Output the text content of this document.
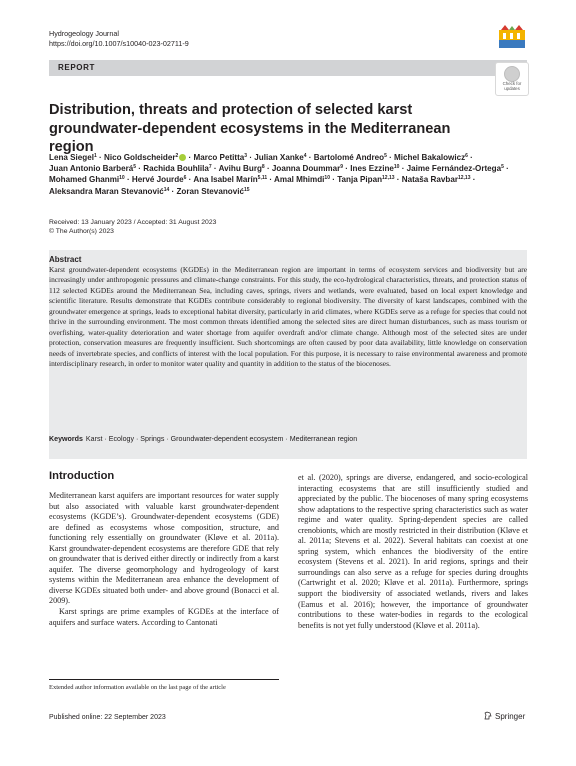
Hydrogeology Journal
https://doi.org/10.1007/s10040-023-02711-9
REPORT
Check for
updates
Distribution, threats and protection of selected karst groundwater-dependent ecosystems in the Mediterranean region
Lena Siegel$^1$ · Nico Goldscheider$^2$ · Marco Petitta$^3$ · Julian Xanke$^4$ · Bartolomé Andreo$^5$ · Michel Bakalowicz$^6$ · Juan Antonio Barberá$^5$ · Rachida Bouhlila$^7$ · Avihu Burg$^8$ · Joanna Doummar$^9$ · Ines Ezzine$^{10}$ · Jaime Fernández-Ortega$^5$ · Mohamed Ghanmi$^{10}$ · Hervé Jourde$^6$ · Ana Isabel Marín$^{5,11}$ · Amal Mhimdi$^{10}$ · Tanja Pipan$^{12,13}$ · Nataša Ravbar$^{12,13}$ · Aleksandra Maran Stevanović$^{14}$ · Zoran Stevanović$^{15}$
Received: 13 January 2023 / Accepted: 31 August 2023
© The Author(s) 2023
Abstract
Karst groundwater-dependent ecosystems (KGDEs) in the Mediterranean region are important in terms of ecosystem services and biodiversity but are increasingly under anthropogenic pressures and climate-change constraints. For this study, the eco-hydrological characteristics, threats, and protection status of 112 selected KGDEs around the Mediterranean Sea, including caves, springs, rivers and wetlands, were evaluated, based on local expert knowledge and scientific literature. Results demonstrate that KGDEs contribute considerably to regional biodiversity. The diversity of karst landscapes, combined with the groundwater emergence at springs, leads to exceptional habitat diversity, particularly in arid climates, where KGDEs serve as a refuge for species that could not thrive in the surrounding environment. The most common threats identified among the selected sites are direct human disturbances, such as mass tourism or overfishing, water-quality deterioration and water shortage from aquifer overdraft and/or climate change. Although most of the selected sites are under protection, conservation measures are frequently insufficient. Such shortcomings are often caused by poor data availability, little knowledge on conservation needs of invertebrate species, and conflicts of interest with the local population. For this purpose, it is necessary to raise environmental awareness and promote interdisciplinary research, in order to monitor water quality and quantity in addition to the status of the biocenoses.
Keywords Karst · Ecology · Springs · Groundwater-dependent ecosystem · Mediterranean region
Introduction

Mediterranean karst aquifers are important resources for water supply but also associated with valuable karst groundwater-dependent ecosystems (KGDE’s). Groundwater-dependent ecosystems (GDE) are defined as ecosystems whose composition, structure, and functioning rely essentially on groundwater (Kløve et al. 2011a). Karst groundwater-dependent ecosystems are therefore GDE that rely on groundwater that is derived either directly or indirectly from a karst aquifer. The diverse geomorphology and hydrogeology of karst systems within the Mediterranean area enhance the development of diverse KGDEs situated both under- and above ground (Bonacci et al. 2009).

Karst springs are prime examples of KGDEs at the interface of aquifers and surface waters. According to Cantonati

et al. (2020), springs are diverse, endangered, and socio-ecological interacting ecosystems that are still insufficiently studied and appreciated by the public. The biocenoses of many spring ecosystems show adaptations to the respective spring characteristics such as water regime and water quality. Spring-dependent species are called crenobionts, which are mostly restricted in their distribution (Kløve et al. 2011a; Stevens et al. 2022). Several habitats can coexist at one spring system, which enhances the biodiversity of the entire ecosystem (Stevens et al. 2021). In arid regions, springs and their surroundings can also serve as a refuge for species during droughts (Cartwright et al. 2020; Kløve et al. 2011a). Furthermore, springs support the biodiversity of associated wetlands, rivers and lakes (Eamus et al. 2016); however, the importance of groundwater contributions to these water-bodies in regards to the ecological benefits is not yet fully understood (Kløve et al. 2011a).

Extended author information available on the last page of the article
Published online: 22 September 2023	Springer
